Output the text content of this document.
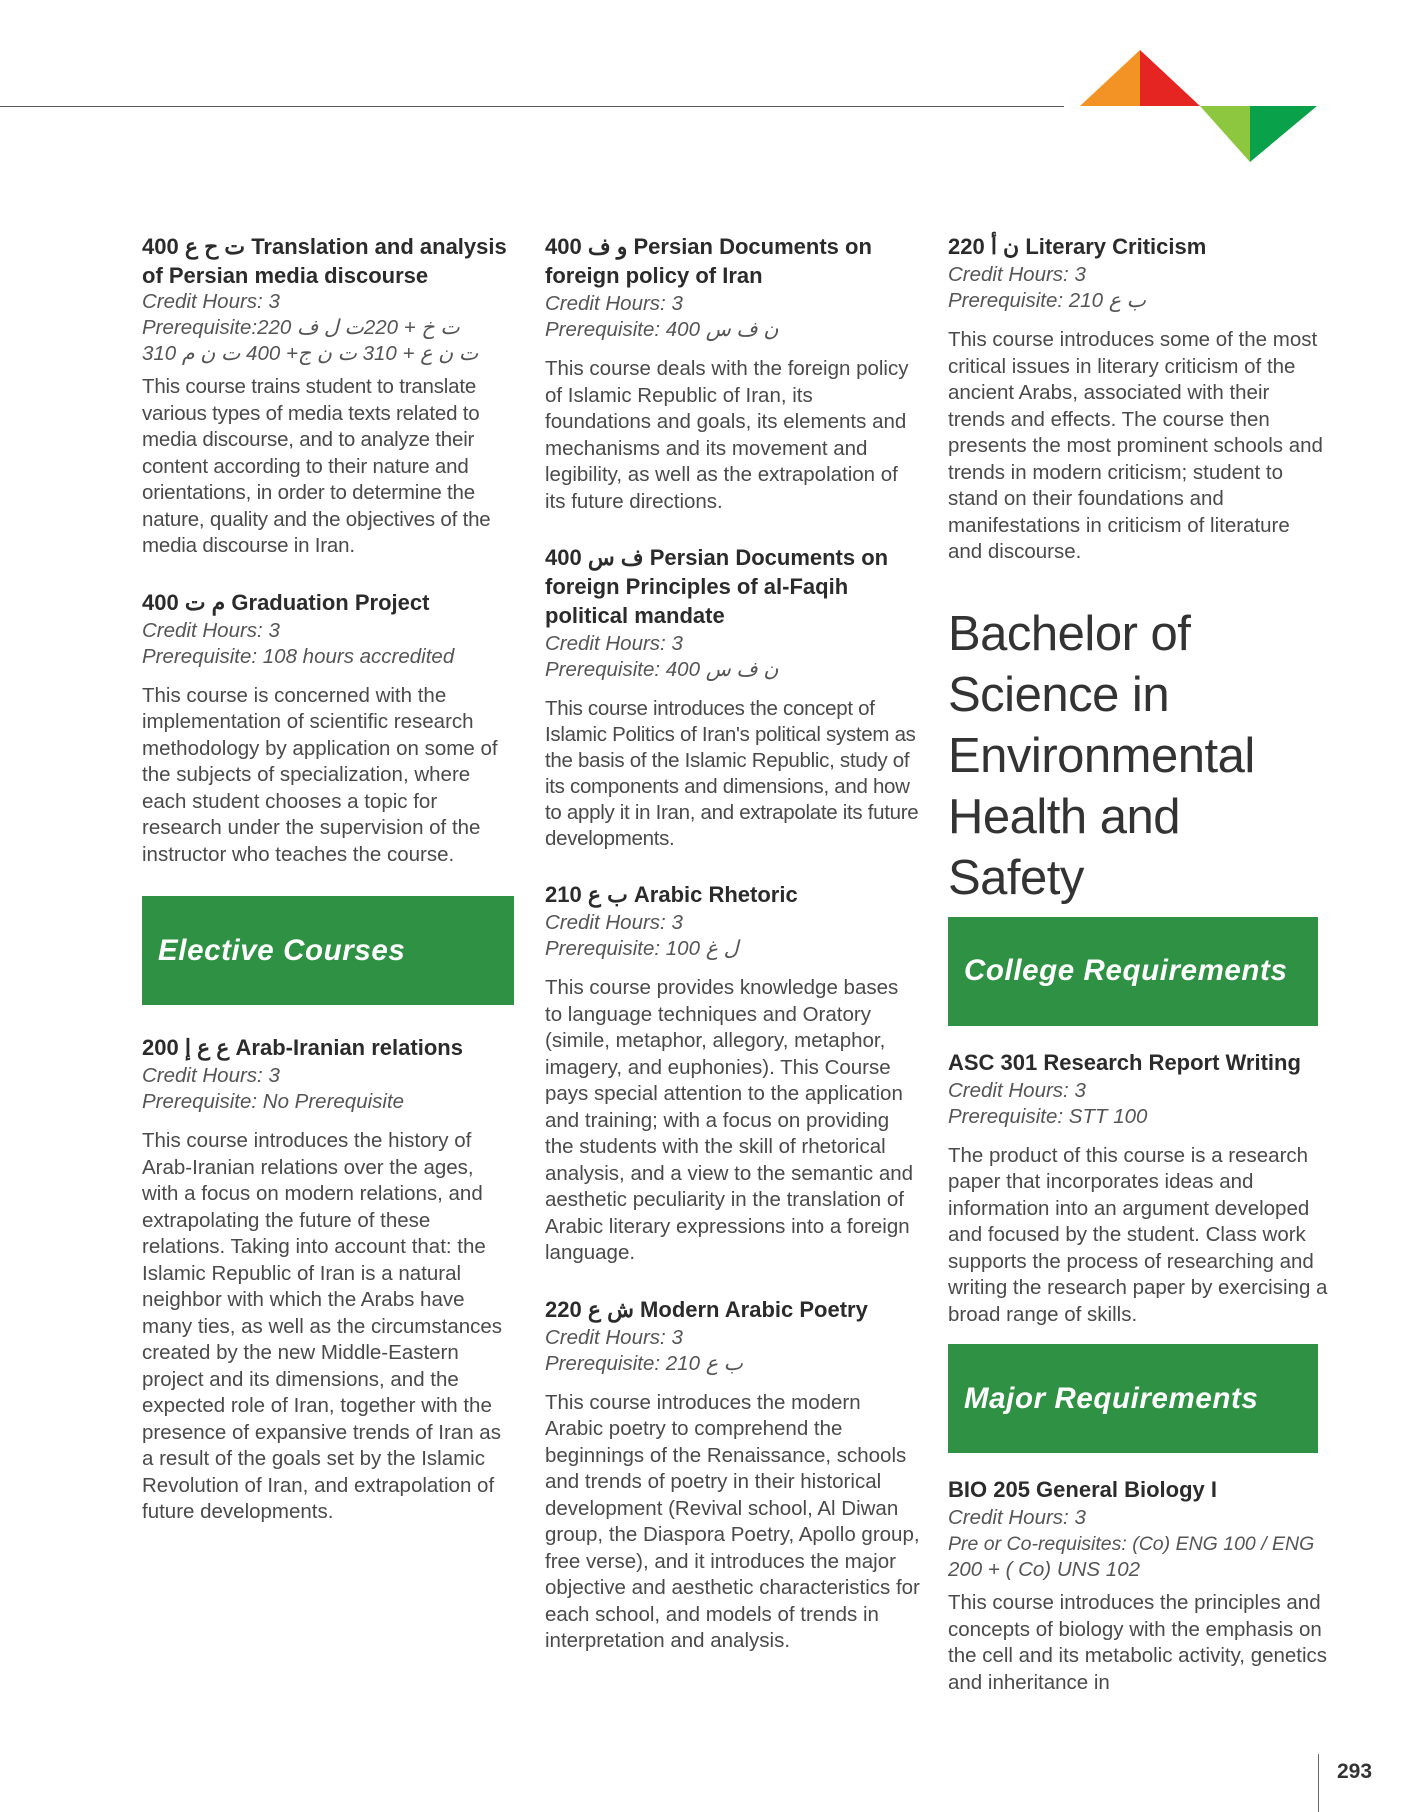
400 ت ح ع Translation and analysis of Persian media discourse

Credit Hours: 3

Prerequisite:220 ت خ + 220ت ل ف

310 ت ن ع + 310 ت ن ج+ 400 ت ن م

This course trains student to translate various types of media texts related to media discourse, and to analyze their content according to their nature and orientations, in order to determine the nature, quality and the objectives of the media discourse in Iran.

400 م ت Graduation Project

Credit Hours: 3

Prerequisite: 108 hours accredited

This course is concerned with the implementation of scientific research methodology by application on some of the subjects of specialization, where each student chooses a topic for research under the supervision of the instructor who teaches the course.

Elective Courses

200 ع ع إ Arab-Iranian relations

Credit Hours: 3

Prerequisite: No Prerequisite

This course introduces the history of Arab-Iranian relations over the ages, with a focus on modern relations, and extrapolating the future of these relations. Taking into account that: the Islamic Republic of Iran is a natural neighbor with which the Arabs have many ties, as well as the circumstances created by the new Middle-Eastern project and its dimensions, and the expected role of Iran, together with the presence of expansive trends of Iran as a result of the goals set by the Islamic Revolution of Iran, and extrapolation of future developments.

400 و ف Persian Documents on foreign policy of Iran

Credit Hours: 3

Prerequisite: 400 ن ف س

This course deals with the foreign policy of Islamic Republic of Iran, its foundations and goals, its elements and mechanisms and its movement and legibility, as well as the extrapolation of its future directions.

400 ف س Persian Documents on foreign Principles of al-Faqih political mandate

Credit Hours: 3

Prerequisite: 400 ن ف س

This course introduces the concept of Islamic Politics of Iran's political system as the basis of the Islamic Republic, study of its components and dimensions, and how to apply it in Iran, and extrapolate its future developments.

210 ب ع Arabic Rhetoric

Credit Hours: 3

Prerequisite: 100 ل غ

This course provides knowledge bases to language techniques and Oratory (simile, metaphor, allegory, metaphor, imagery, and euphonies). This Course pays special attention to the application and training; with a focus on providing the students with the skill of rhetorical analysis, and a view to the semantic and aesthetic peculiarity in the translation of Arabic literary expressions into a foreign language.

220 ش ع Modern Arabic Poetry

Credit Hours: 3

Prerequisite: 210 ب ع

This course introduces the modern Arabic poetry to comprehend the beginnings of the Renaissance, schools and trends of poetry in their historical development (Revival school, Al Diwan group, the Diaspora Poetry, Apollo group, free verse), and it introduces the major objective and aesthetic characteristics for each school, and models of trends in interpretation and analysis.

220 ن أ Literary Criticism

Credit Hours: 3

Prerequisite: 210 ب ع

This course introduces some of the most critical issues in literary criticism of the ancient Arabs, associated with their trends and effects. The course then presents the most prominent schools and trends in modern criticism; student to stand on their foundations and manifestations in criticism of literature and discourse.

Bachelor of Science in Environmental Health and Safety

College Requirements

ASC 301 Research Report Writing

Credit Hours: 3

Prerequisite: STT 100

The product of this course is a research paper that incorporates ideas and information into an argument developed and focused by the student. Class work supports the process of researching and writing the research paper by exercising a broad range of skills.

Major Requirements

BIO 205 General Biology I

Credit Hours: 3

Pre or Co-requisites: (Co) ENG 100 / ENG

200 + ( Co) UNS 102

This course introduces the principles and concepts of biology with the emphasis on the cell and its metabolic activity, genetics and inheritance in

293
